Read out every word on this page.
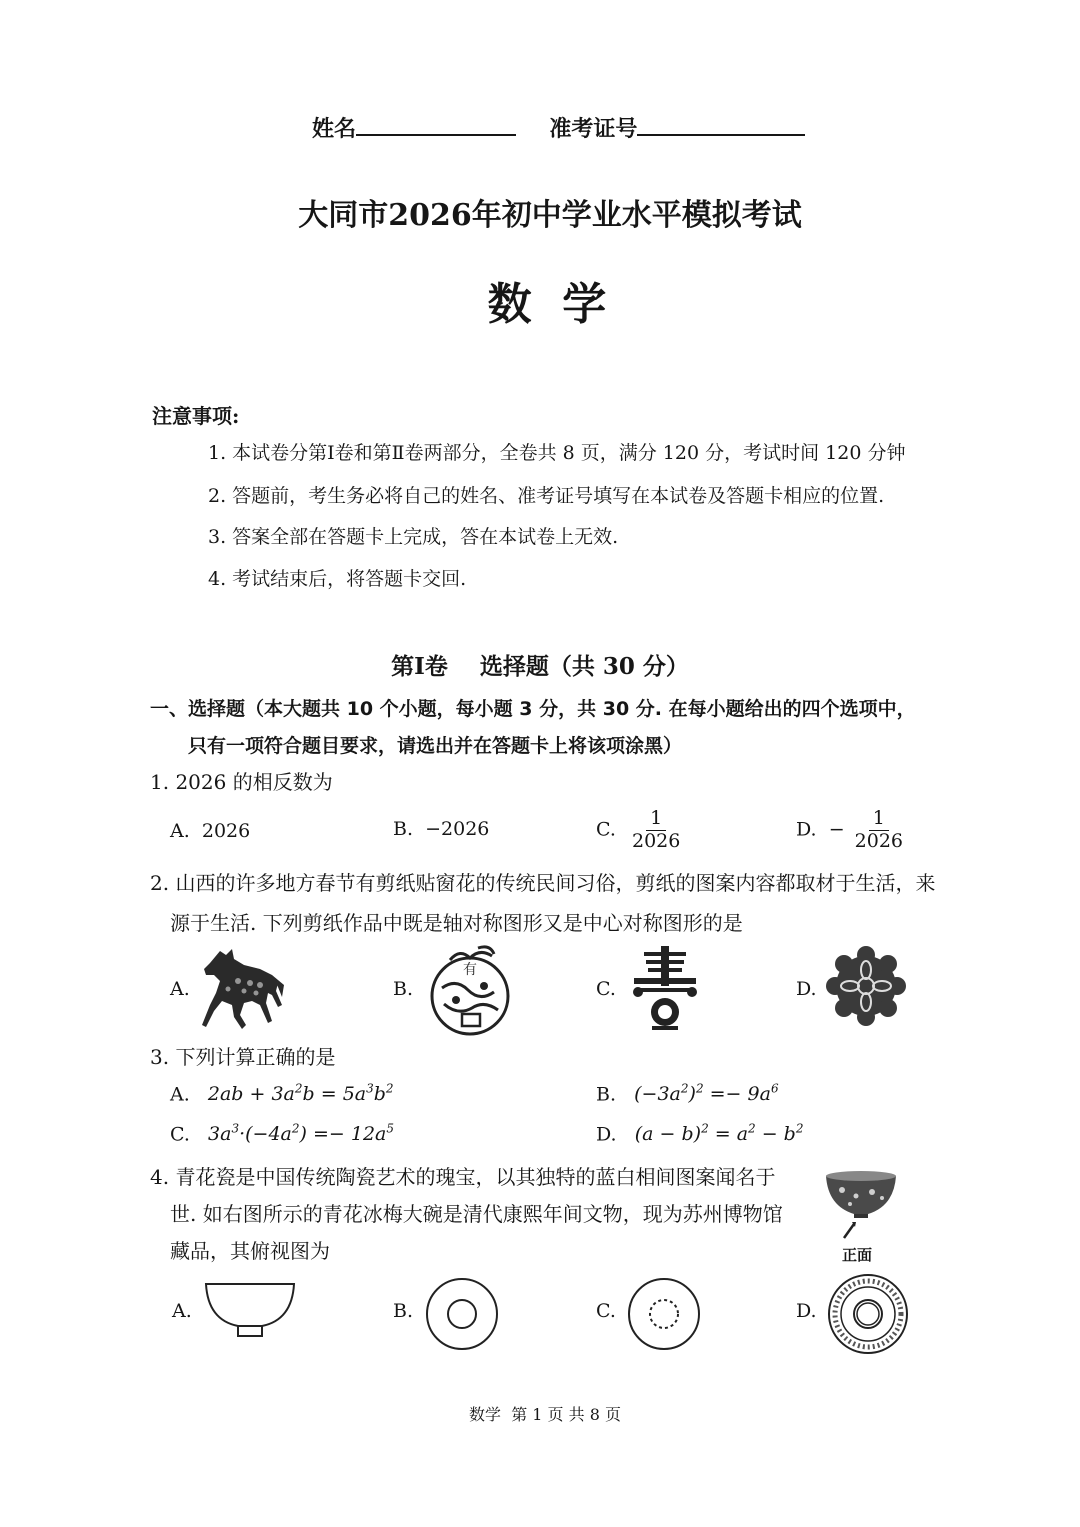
姓名	准考证号
大同市2026年初中学业水平模拟考试
数  学
注意事项:
1. 本试卷分第Ⅰ卷和第Ⅱ卷两部分，全卷共 8 页，满分 120 分，考试时间 120 分钟
2. 答题前，考生务必将自己的姓名、准考证号填写在本试卷及答题卡相应的位置.
3. 答案全部在答题卡上完成，答在本试卷上无效.
4. 考试结束后，将答题卡交回.
第Ⅰ卷    选择题（共 30 分）
一、选择题（本大题共 10 个小题，每小题 3 分，共 30 分. 在每小题给出的四个选项中，
只有一项符合题目要求，请选出并在答题卡上将该项涂黑）
1. 2026 的相反数为
A. 2026	B. −2026	C. $\frac{1}{2026}$	D. − $\frac{1}{2026}$
2. 山西的许多地方春节有剪纸贴窗花的传统民间习俗，剪纸的图案内容都取材于生活，来
源于生活. 下列剪纸作品中既是轴对称图形又是中心对称图形的是
A.	B.
有
C.	D.
3. 下列计算正确的是
A. $2ab + 3a^2b = 5a^3b^2$	B. $(-3a^2)^2 =- 9a^6$
C. $3a^3\cdot(-4a^2) =- 12a^5$	D. $(a - b)^2 = a^2 - b^2$
4. 青花瓷是中国传统陶瓷艺术的瑰宝，以其独特的蓝白相间图案闻名于
世. 如右图所示的青花冰梅大碗是清代康熙年间文物，现为苏州博物馆
藏品，其俯视图为	正面
A.	B.	C.	D.
数学  第 1 页 共 8 页
